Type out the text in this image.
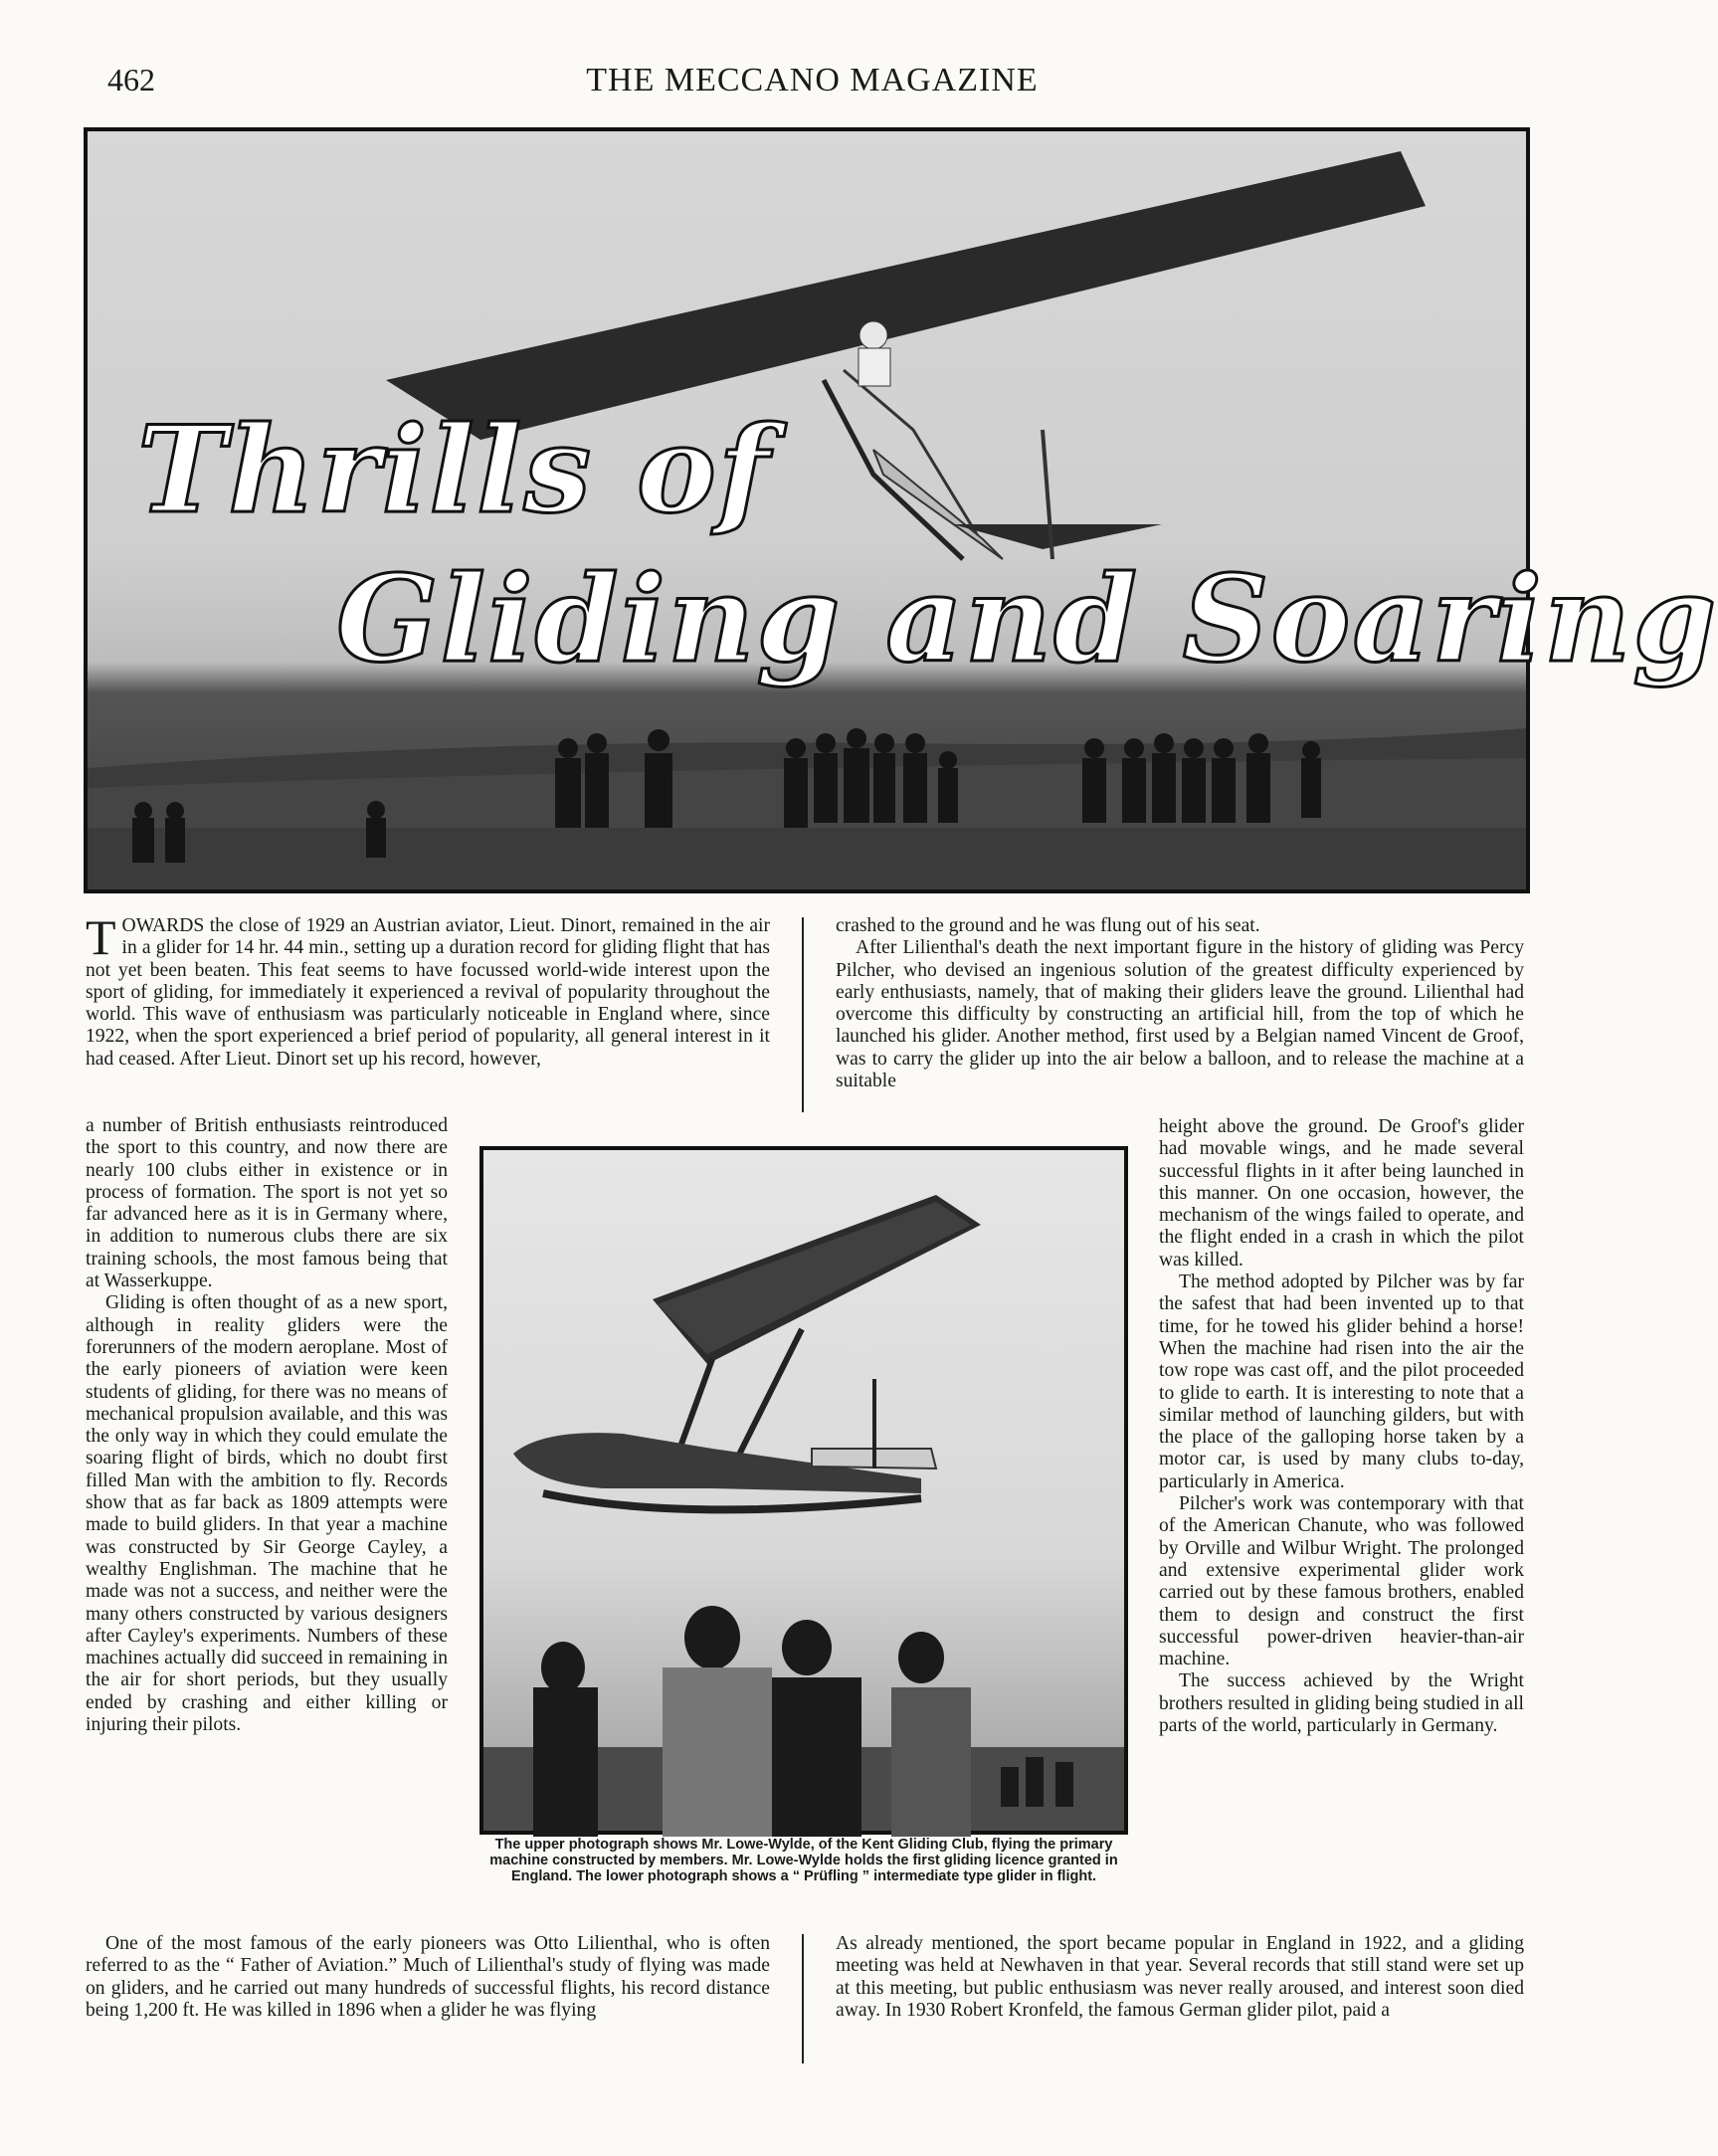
462	THE MECCANO MAGAZINE
Thrills of
Gliding and Soaring

TOWARDS the close of 1929 an Austrian aviator, Lieut. Dinort, remained in the air in a glider for 14 hr. 44 min., setting up a duration record for gliding flight that has not yet been beaten. This feat seems to have focussed world-wide interest upon the sport of gliding, for immediately it experienced a revival of popularity throughout the world. This wave of enthusiasm was particularly noticeable in England where, since 1922, when the sport experienced a brief period of popularity, all general interest in it had ceased. After Lieut. Dinort set up his record, however,

crashed to the ground and he was flung out of his seat.

After Lilienthal's death the next important figure in the history of gliding was Percy Pilcher, who devised an ingenious solution of the greatest difficulty experienced by early enthusiasts, namely, that of making their gliders leave the ground. Lilienthal had overcome this difficulty by constructing an artificial hill, from the top of which he launched his glider. Another method, first used by a Belgian named Vincent de Groof, was to carry the glider up into the air below a balloon, and to release the machine at a suitable

a number of British enthusiasts reintroduced the sport to this country, and now there are nearly 100 clubs either in existence or in process of formation. The sport is not yet so far advanced here as it is in Germany where, in addition to numerous clubs there are six training schools, the most famous being that at Wasserkuppe.

Gliding is often thought of as a new sport, although in reality gliders were the forerunners of the modern aeroplane. Most of the early pioneers of aviation were keen students of gliding, for there was no means of mechanical propulsion available, and this was the only way in which they could emulate the soaring flight of birds, which no doubt first filled Man with the ambition to fly. Records show that as far back as 1809 attempts were made to build gliders. In that year a machine was constructed by Sir George Cayley, a wealthy Englishman. The machine that he made was not a success, and neither were the many others constructed by various designers after Cayley's experiments. Numbers of these machines actually did succeed in remaining in the air for short periods, but they usually ended by crashing and either killing or injuring their pilots.

The upper photograph shows Mr. Lowe-Wylde, of the Kent Gliding Club, flying the primary machine constructed by members. Mr. Lowe-Wylde holds the first gliding licence granted in England. The lower photograph shows a “ Prüfling ” intermediate type glider in flight.

height above the ground. De Groof's glider had movable wings, and he made several successful flights in it after being launched in this manner. On one occasion, however, the mechanism of the wings failed to operate, and the flight ended in a crash in which the pilot was killed.

The method adopted by Pilcher was by far the safest that had been invented up to that time, for he towed his glider behind a horse! When the machine had risen into the air the tow rope was cast off, and the pilot proceeded to glide to earth. It is interesting to note that a similar method of launching gilders, but with the place of the galloping horse taken by a motor car, is used by many clubs to-day, particularly in America.

Pilcher's work was contemporary with that of the American Chanute, who was followed by Orville and Wilbur Wright. The prolonged and extensive experimental glider work carried out by these famous brothers, enabled them to design and construct the first successful power-driven heavier-than-air machine.

The success achieved by the Wright brothers resulted in gliding being studied in all parts of the world, particularly in Germany.

One of the most famous of the early pioneers was Otto Lilienthal, who is often referred to as the “ Father of Aviation.” Much of Lilienthal's study of flying was made on gliders, and he carried out many hundreds of successful flights, his record distance being 1,200 ft. He was killed in 1896 when a glider he was flying

As already mentioned, the sport became popular in England in 1922, and a gliding meeting was held at Newhaven in that year. Several records that still stand were set up at this meeting, but public enthusiasm was never really aroused, and interest soon died away. In 1930 Robert Kronfeld, the famous German glider pilot, paid a
